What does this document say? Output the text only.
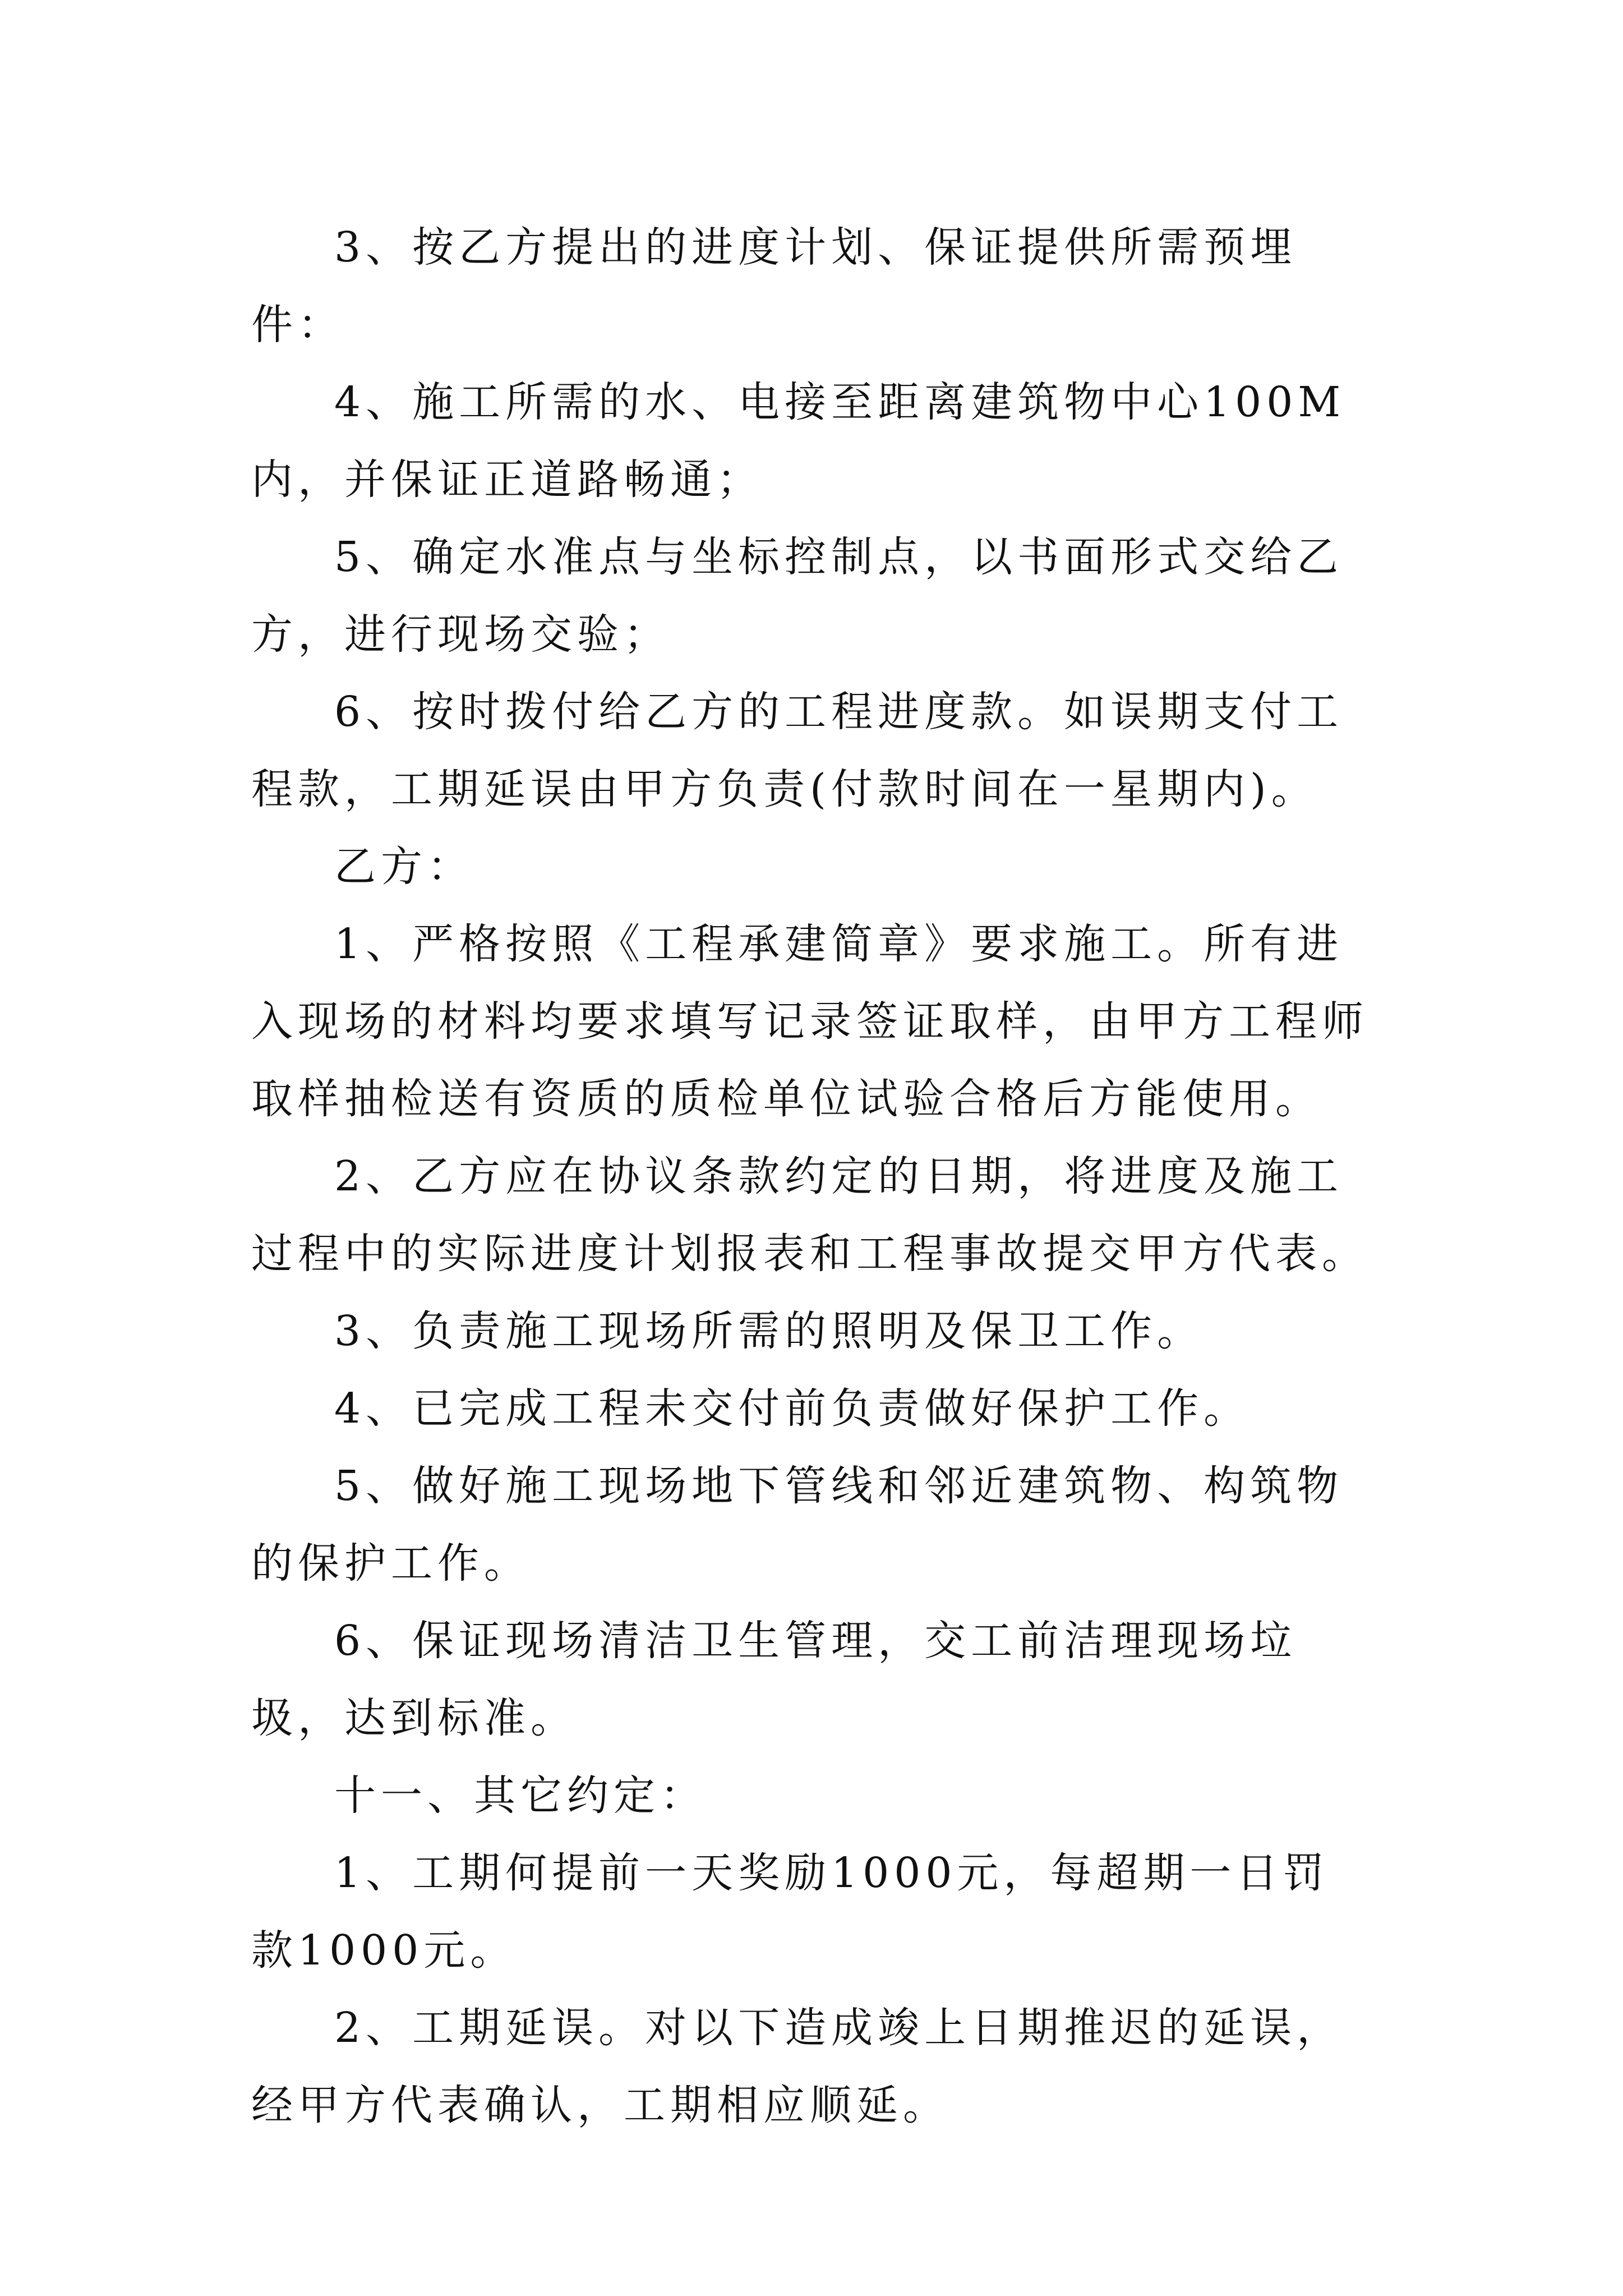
3、按乙方提出的进度计划、保证提供所需预埋件：

4、施工所需的水、电接至距离建筑物中心100M内，并保证正道路畅通；

5、确定水准点与坐标控制点，以书面形式交给乙方，进行现场交验；

6、按时拨付给乙方的工程进度款。如误期支付工程款，工期延误由甲方负责(付款时间在一星期内)。

乙方：

1、严格按照《工程承建简章》要求施工。所有进入现场的材料均要求填写记录签证取样，由甲方工程师取样抽检送有资质的质检单位试验合格后方能使用。

2、乙方应在协议条款约定的日期，将进度及施工过程中的实际进度计划报表和工程事故提交甲方代表。

3、负责施工现场所需的照明及保卫工作。

4、已完成工程未交付前负责做好保护工作。

5、做好施工现场地下管线和邻近建筑物、构筑物的保护工作。

6、保证现场清洁卫生管理，交工前洁理现场垃圾，达到标准。

十一、其它约定：

1、工期何提前一天奖励1000元，每超期一日罚款1000元。

2、工期延误。对以下造成竣上日期推迟的延误，经甲方代表确认，工期相应顺延。
